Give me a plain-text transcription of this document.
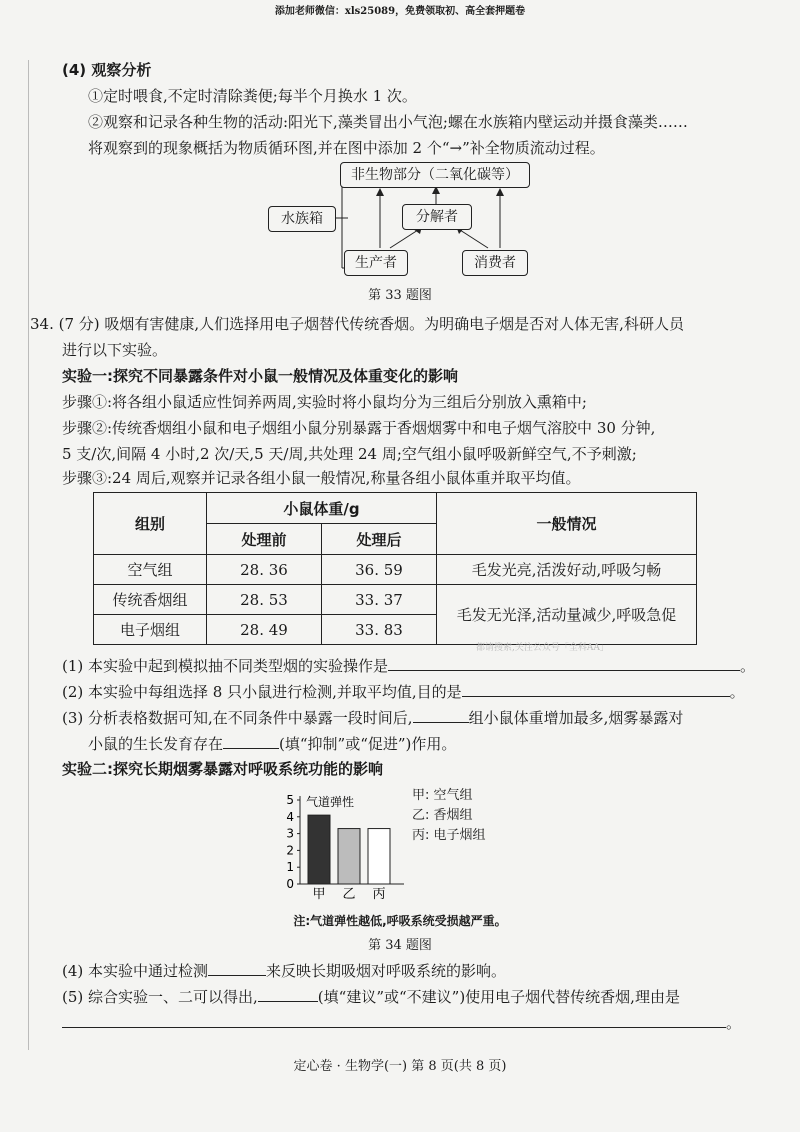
添加老师微信：xls25089，免费领取初、高全套押题卷
(4) 观察分析
①定时喂食,不定时清除粪便;每半个月换水 1 次。
②观察和记录各种生物的活动:阳光下,藻类冒出小气泡;螺在水族箱内壁运动并摄食藻类……
将观察到的现象概括为物质循环图,并在图中添加 2 个“→”补全物质流动过程。
非生物部分（二氧化碳等）
水族箱	分解者
生产者	消费者
第 33 题图
34. (7 分) 吸烟有害健康,人们选择用电子烟替代传统香烟。为明确电子烟是否对人体无害,科研人员
进行以下实验。
实验一:探究不同暴露条件对小鼠一般情况及体重变化的影响
步骤①:将各组小鼠适应性饲养两周,实验时将小鼠均分为三组后分别放入熏箱中;
步骤②:传统香烟组小鼠和电子烟组小鼠分别暴露于香烟烟雾中和电子烟气溶胶中 30 分钟,
5 支/次,间隔 4 小时,2 次/天,5 天/周,共处理 24 周;空气组小鼠呼吸新鲜空气,不予刺激;
步骤③:24 周后,观察并记录各组小鼠一般情况,称量各组小鼠体重并取平均值。
组别	小鼠体重/g		一般情况
	处理前	处理后	
空气组	28. 36	36. 59	毛发光亮,活泼好动,呼吸匀畅
传统香烟组	28. 53	33. 37	毛发无光泽,活动量减少,呼吸急促
电子烟组	28. 49	33. 83	
都请搜索,关注公众号「全科AA」
(1) 本实验中起到模拟抽不同类型烟的实验操作是	。
(2) 本实验中每组选择 8 只小鼠进行检测,并取平均值,目的是	。
(3) 分析表格数据可知,在不同条件中暴露一段时间后,	组小鼠体重增加最多,烟雾暴露对
小鼠的生长发育存在	(填“抑制”或“促进”)作用。
实验二:探究长期烟雾暴露对呼吸系统功能的影响
0
1
2
3
4
5 气道弹性
甲 乙 丙
甲: 空气组
乙: 香烟组
丙: 电子烟组
注:气道弹性越低,呼吸系统受损越严重。
第 34 题图
(4) 本实验中通过检测	来反映长期吸烟对呼吸系统的影响。
(5) 综合实验一、二可以得出,	(填“建议”或“不建议”)使用电子烟代替传统香烟,理由是
。
定心卷 · 生物学(一) 第 8 页(共 8 页)
